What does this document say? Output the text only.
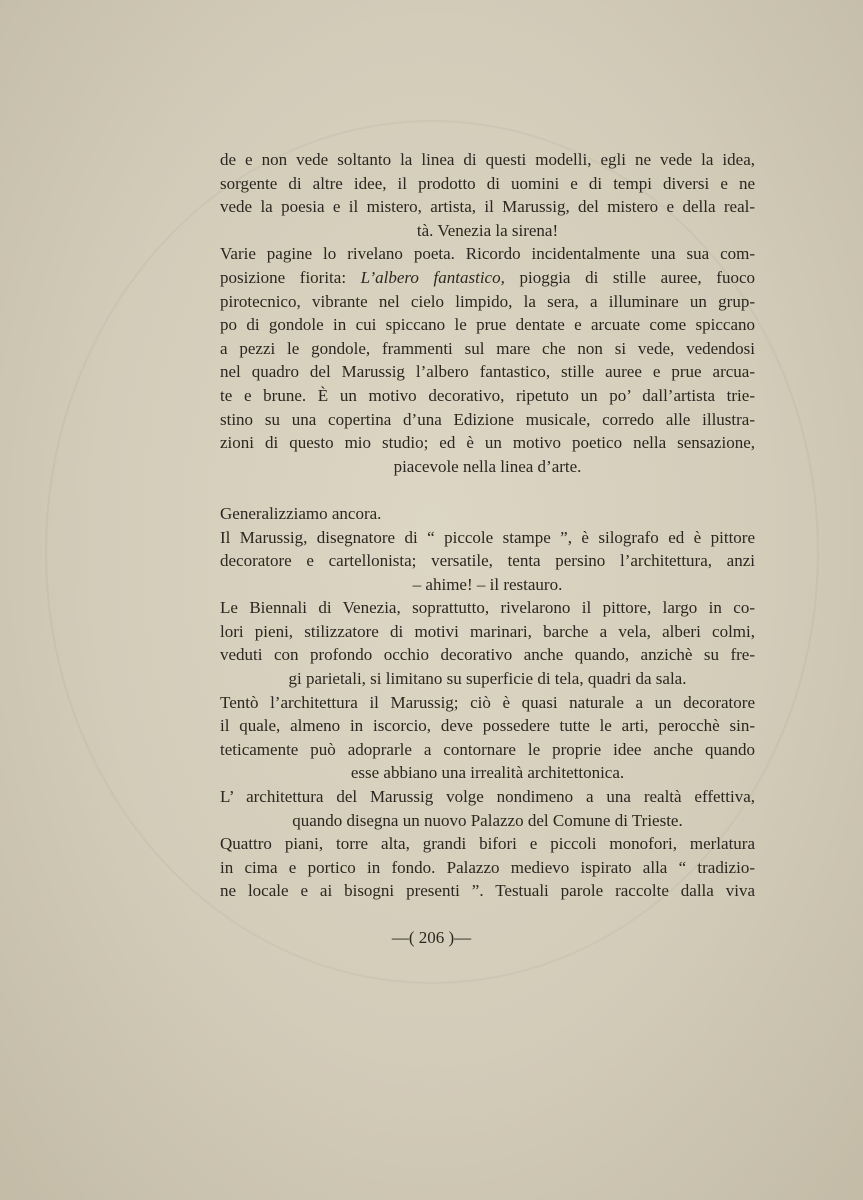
de e non vede soltanto la linea di questi modelli, egli ne vede la idea,
sorgente di altre idee, il prodotto di uomini e di tempi diversi e ne
vede la poesia e il mistero, artista, il Marussig, del mistero e della real-
tà. Venezia la sirena!
Varie pagine lo rivelano poeta. Ricordo incidentalmente una sua com-
posizione fiorita: L’albero fantastico, pioggia di stille auree, fuoco
pirotecnico, vibrante nel cielo limpido, la sera, a illuminare un grup-
po di gondole in cui spiccano le prue dentate e arcuate come spiccano
a pezzi le gondole, frammenti sul mare che non si vede, vedendosi
nel quadro del Marussig l’albero fantastico, stille auree e prue arcua-
te e brune. È un motivo decorativo, ripetuto un po’ dall’artista trie-
stino su una copertina d’una Edizione musicale, corredo alle illustra-
zioni di questo mio studio; ed è un motivo poetico nella sensazione,
piacevole nella linea d’arte.
Generalizziamo ancora.
Il Marussig, disegnatore di “ piccole stampe ”, è silografo ed è pittore
decoratore e cartellonista; versatile, tenta persino l’architettura, anzi
– ahime! – il restauro.
Le Biennali di Venezia, soprattutto, rivelarono il pittore, largo in co-
lori pieni, stilizzatore di motivi marinari, barche a vela, alberi colmi,
veduti con profondo occhio decorativo anche quando, anzichè su fre-
gi parietali, si limitano su superficie di tela, quadri da sala.
Tentò l’architettura il Marussig; ciò è quasi naturale a un decoratore
il quale, almeno in iscorcio, deve possedere tutte le arti, perocchè sin-
teticamente può adoprarle a contornare le proprie idee anche quando
esse abbiano una irrealità architettonica.
L’ architettura del Marussig volge nondimeno a una realtà effettiva,
quando disegna un nuovo Palazzo del Comune di Trieste.
Quattro piani, torre alta, grandi bifori e piccoli monofori, merlatura
in cima e portico in fondo. Palazzo medievo ispirato alla “ tradizio-
ne locale e ai bisogni presenti ”. Testuali parole raccolte dalla viva
—( 206 )—
